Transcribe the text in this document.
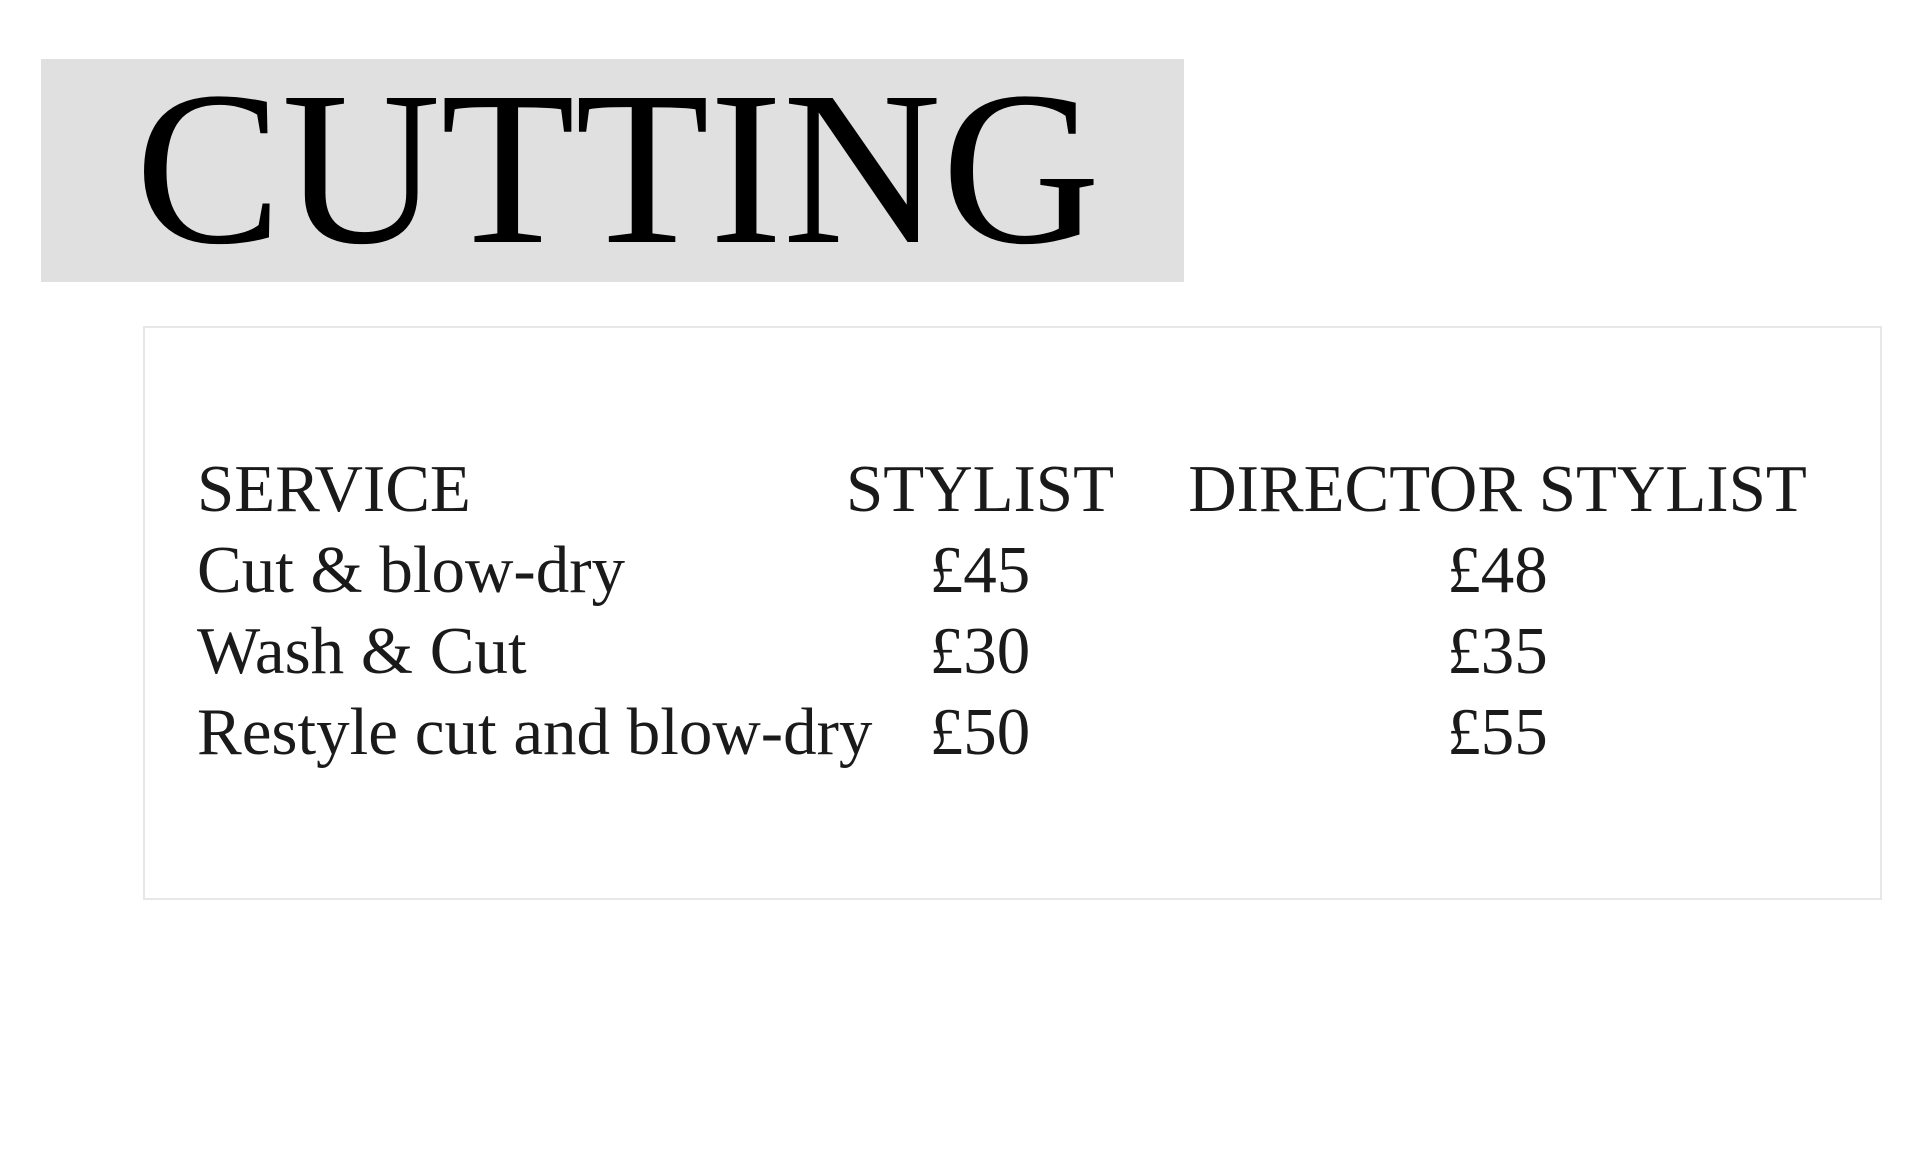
CUTTING
SERVICE	STYLIST	DIRECTOR STYLIST
Cut & blow-dry	£45	£48
Wash & Cut	£30	£35
Restyle cut and blow-dry £50	£55
